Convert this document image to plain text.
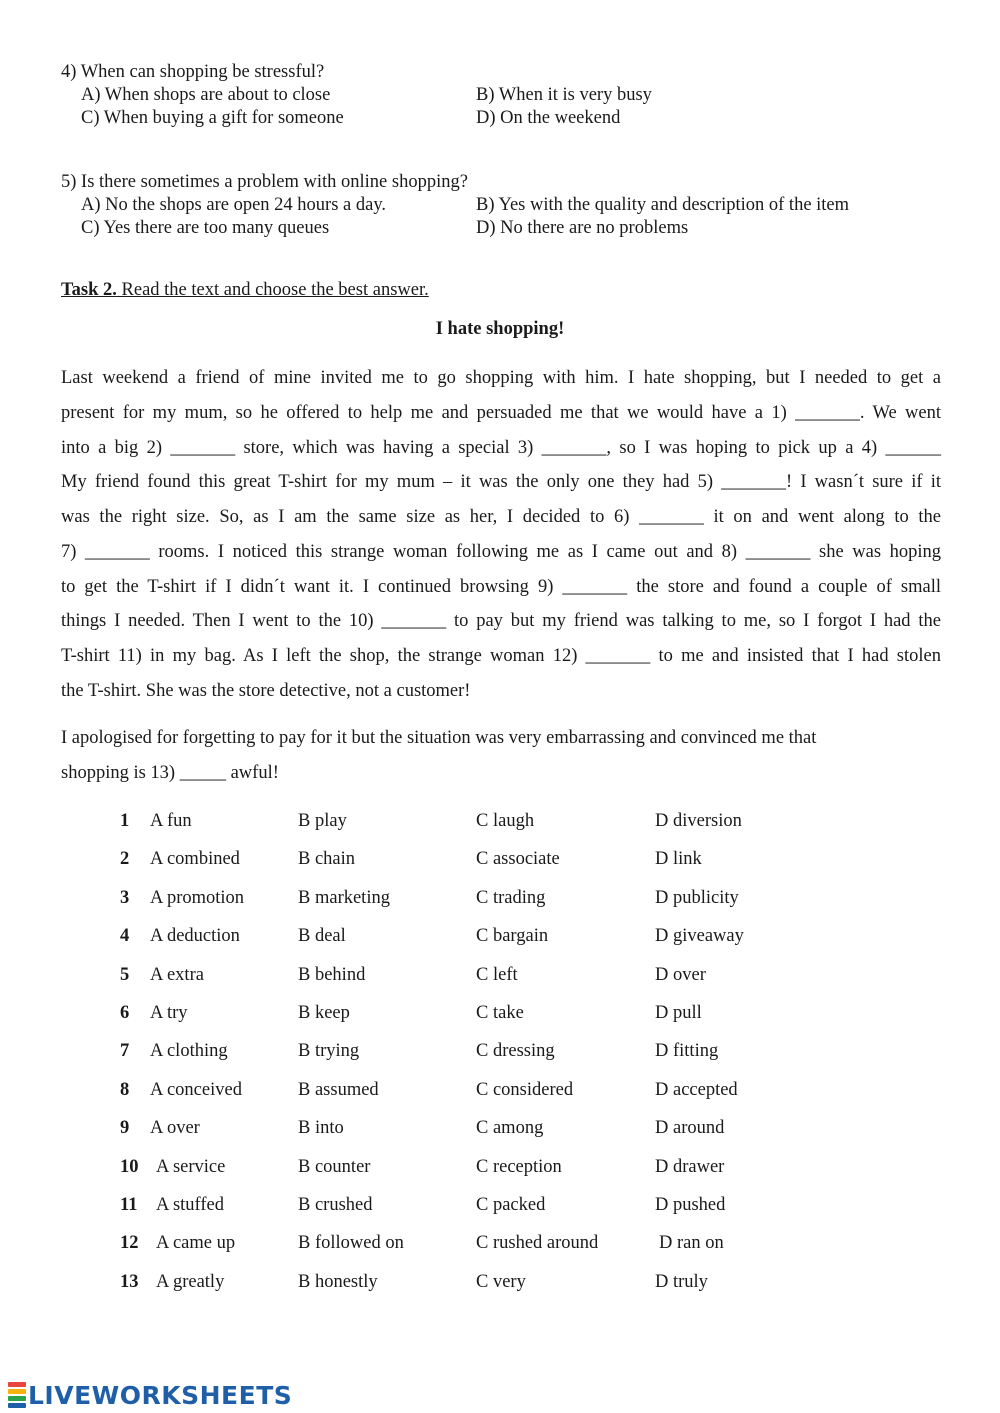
4) When can shopping be stressful?
A) When shops are about to close	B) When it is very busy
C) When buying a gift for someone	D) On the weekend
5) Is there sometimes a problem with online shopping?
A) No the shops are open 24 hours a day.	B) Yes with the quality and description of the item
C) Yes there are too many queues	D) No there are no problems
Task 2. Read the text and choose the best answer.
I hate shopping!
Last weekend a friend of mine invited me to go shopping with him. I hate shopping, but I needed to get a
present for my mum, so he offered to help me and persuaded me that we would have a 1) _______. We went
into a big 2) _______ store, which was having a special 3) _______, so I was hoping to pick up a 4) ______
My friend found this great T-shirt for my mum – it was the only one they had 5) _______! I wasn´t sure if it
was the right size. So, as I am the same size as her, I decided to 6) _______ it on and went along to the
7) _______ rooms. I noticed this strange woman following me as I came out and 8) _______ she was hoping
to get the T-shirt if I didn´t want it. I continued browsing 9) _______ the store and found a couple of small
things I needed. Then I went to the 10) _______ to pay but my friend was talking to me, so I forgot I had the
T-shirt 11) in my bag. As I left the shop, the strange woman 12) _______ to me and insisted that I had stolen
the T-shirt. She was the store detective, not a customer!
I apologised for forgetting to pay for it but the situation was very embarrassing and convinced me that
shopping is 13) _____ awful!
1 A fun	B play	C laugh	D diversion
2 A combined	B chain	C associate	D link
3 A promotion	B marketing	C trading	D publicity
4 A deduction	B deal	C bargain	D giveaway
5 A extra	B behind	C left	D over
6 A try	B keep	C take	D pull
7 A clothing	B trying	C dressing	D fitting
8 A conceived	B assumed	C considered	D accepted
9 A over	B into	C among	D around
10 A service	B counter	C reception	D drawer
11 A stuffed	B crushed	C packed	D pushed
12 A came up	B followed on	C rushed around	D ran on
13 A greatly	B honestly	C very	D truly
LIVEWORKSHEETS
